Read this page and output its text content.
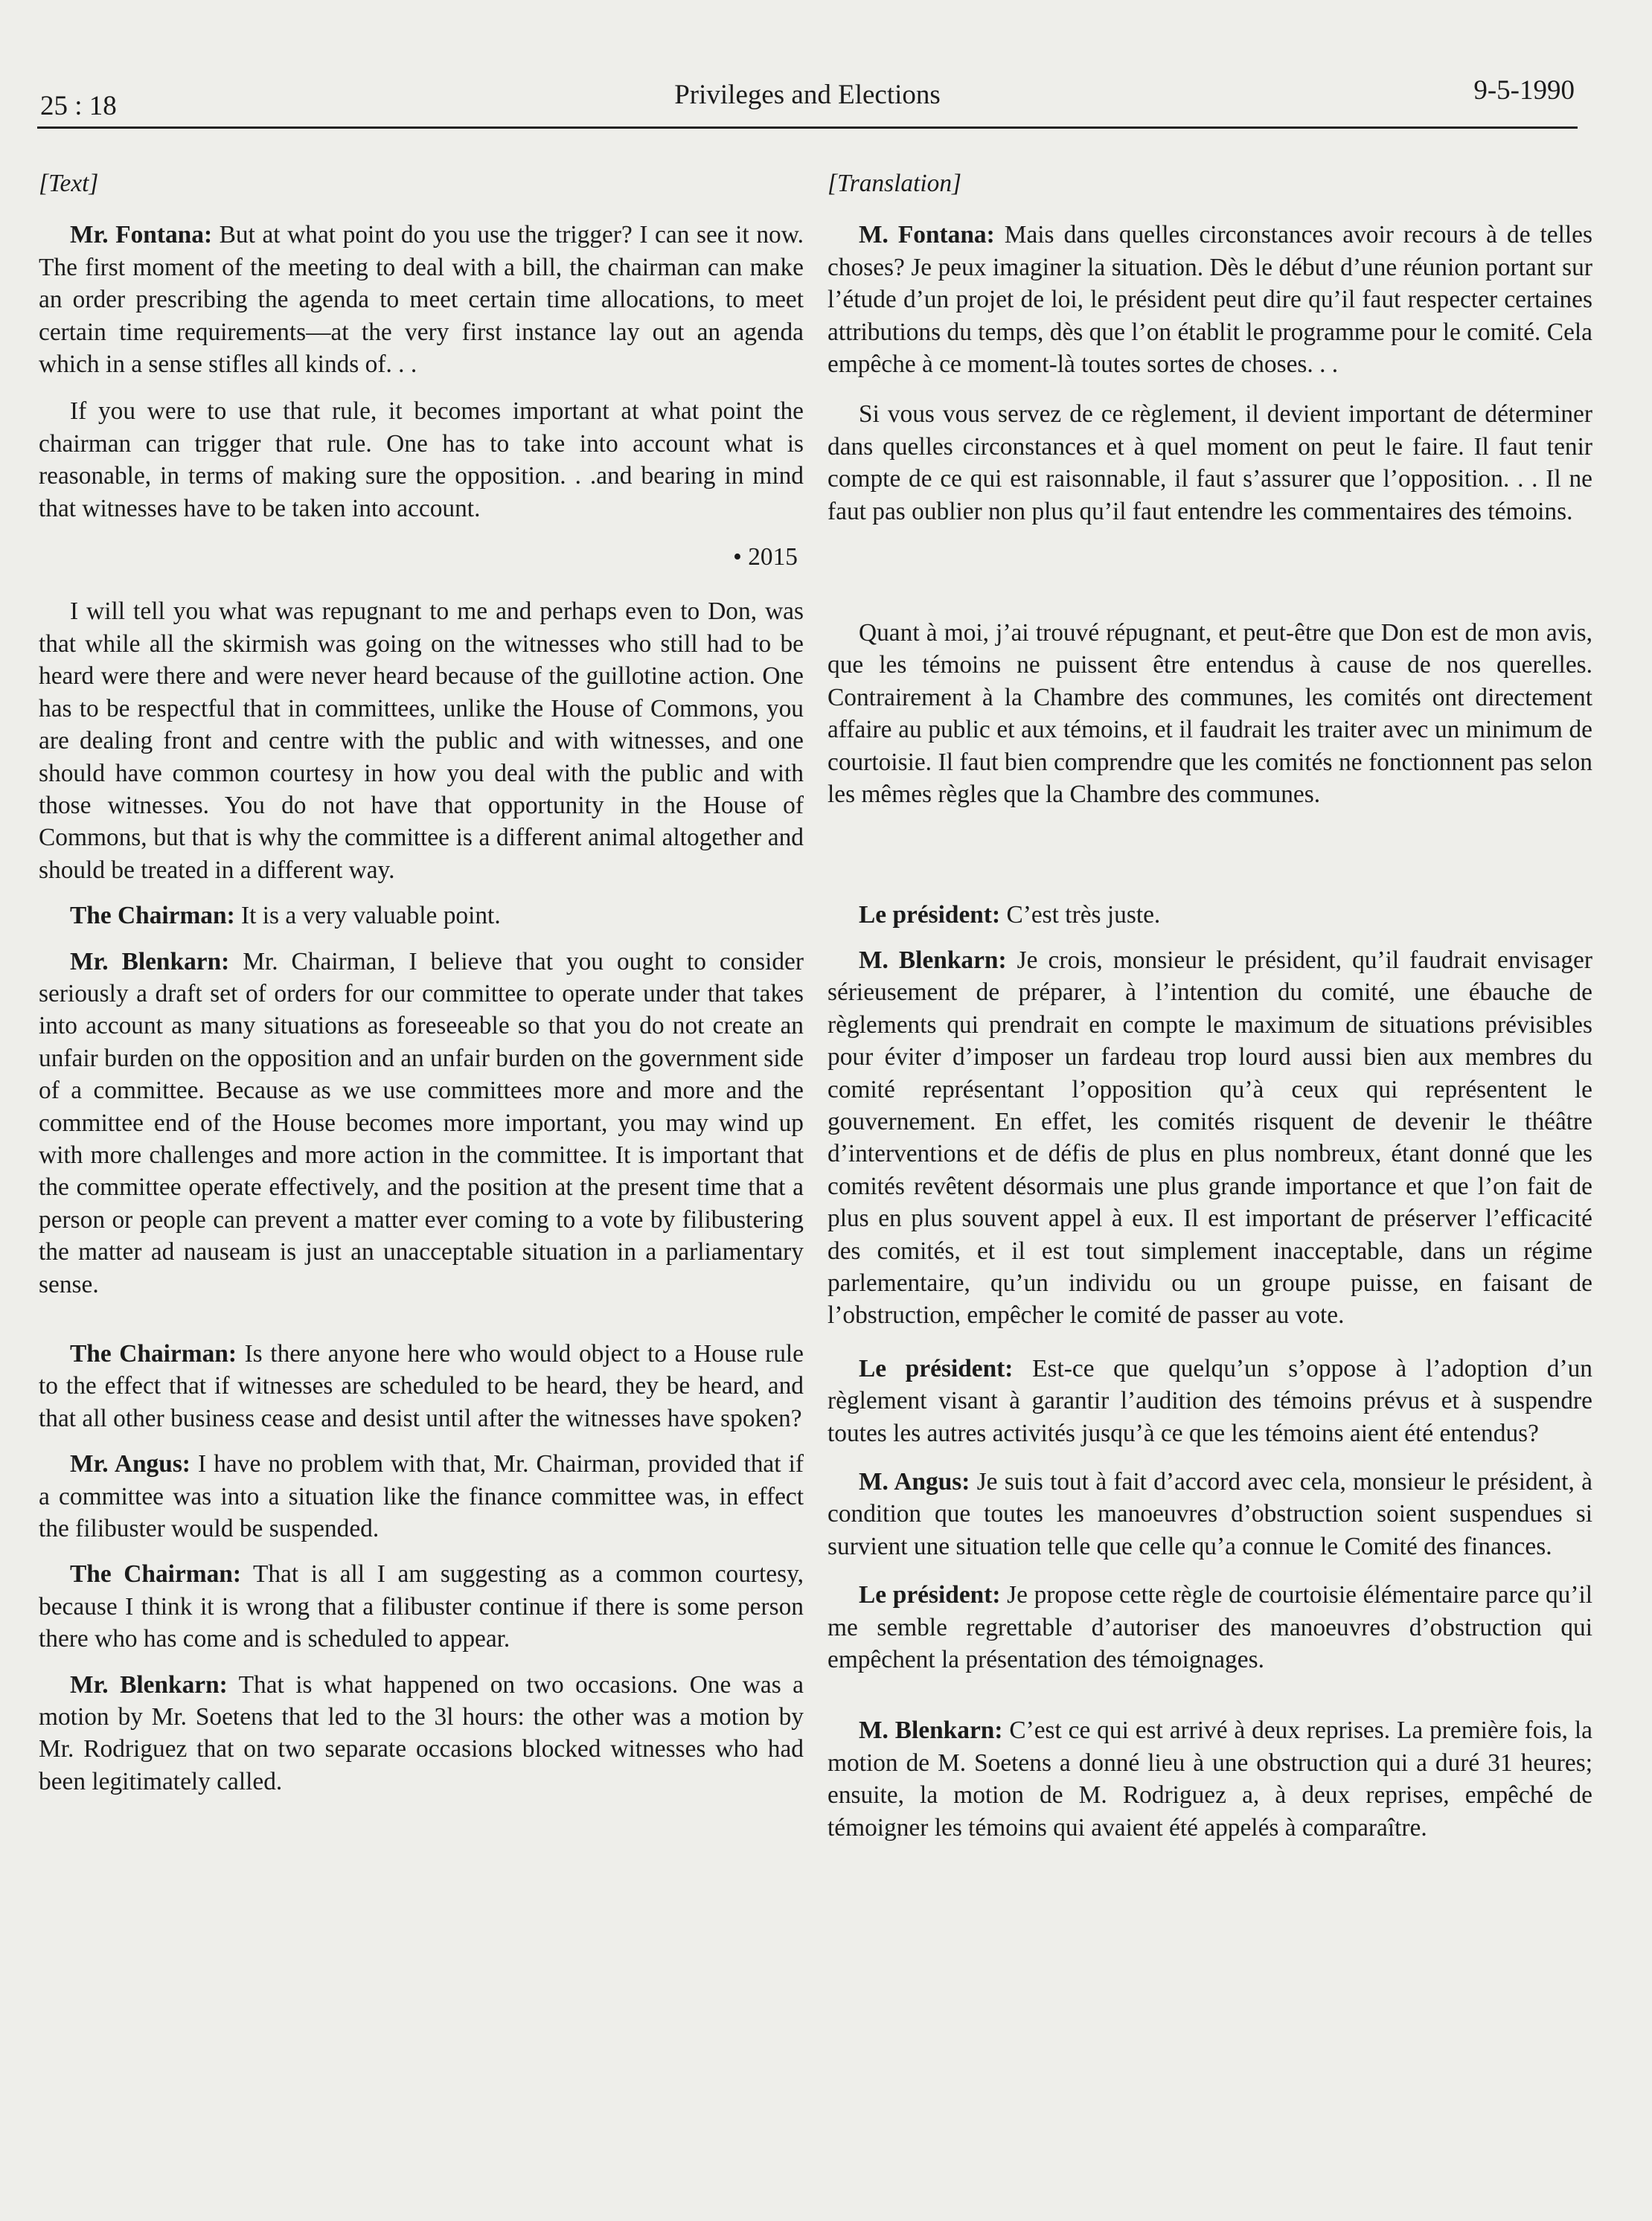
25 : 18	Privileges and Elections	9-5-1990

[Text]

Mr. Fontana: But at what point do you use the trigger? I can see it now. The first moment of the meeting to deal with a bill, the chairman can make an order prescribing the agenda to meet certain time allocations, to meet certain time requirements—at the very first instance lay out an agenda which in a sense stifles all kinds of. . .

If you were to use that rule, it becomes important at what point the chairman can trigger that rule. One has to take into account what is reasonable, in terms of making sure the opposition. . .and bearing in mind that witnesses have to be taken into account.

• 2015

I will tell you what was repugnant to me and perhaps even to Don, was that while all the skirmish was going on the witnesses who still had to be heard were there and were never heard because of the guillotine action. One has to be respectful that in committees, unlike the House of Commons, you are dealing front and centre with the public and with witnesses, and one should have common courtesy in how you deal with the public and with those witnesses. You do not have that opportunity in the House of Commons, but that is why the committee is a different animal altogether and should be treated in a different way.

The Chairman: It is a very valuable point.

Mr. Blenkarn: Mr. Chairman, I believe that you ought to consider seriously a draft set of orders for our committee to operate under that takes into account as many situations as foreseeable so that you do not create an unfair burden on the opposition and an unfair burden on the government side of a committee. Because as we use committees more and more and the committee end of the House becomes more important, you may wind up with more challenges and more action in the committee. It is important that the committee operate effectively, and the position at the present time that a person or people can prevent a matter ever coming to a vote by filibustering the matter ad nauseam is just an unacceptable situation in a parliamentary sense.

The Chairman: Is there anyone here who would object to a House rule to the effect that if witnesses are scheduled to be heard, they be heard, and that all other business cease and desist until after the witnesses have spoken?

Mr. Angus: I have no problem with that, Mr. Chairman, provided that if a committee was into a situation like the finance committee was, in effect the filibuster would be suspended.

The Chairman: That is all I am suggesting as a common courtesy, because I think it is wrong that a filibuster continue if there is some person there who has come and is scheduled to appear.

Mr. Blenkarn: That is what happened on two occasions. One was a motion by Mr. Soetens that led to the 3l hours: the other was a motion by Mr. Rodriguez that on two separate occasions blocked witnesses who had been legitimately called.

[Translation]

M. Fontana: Mais dans quelles circonstances avoir recours à de telles choses? Je peux imaginer la situation. Dès le début d’une réunion portant sur l’étude d’un projet de loi, le président peut dire qu’il faut respecter certaines attributions du temps, dès que l’on établit le programme pour le comité. Cela empêche à ce moment-là toutes sortes de choses. . .

Si vous vous servez de ce règlement, il devient important de déterminer dans quelles circonstances et à quel moment on peut le faire. Il faut tenir compte de ce qui est raisonnable, il faut s’assurer que l’opposition. . . Il ne faut pas oublier non plus qu’il faut entendre les commentaires des témoins.

Quant à moi, j’ai trouvé répugnant, et peut-être que Don est de mon avis, que les témoins ne puissent être entendus à cause de nos querelles. Contrairement à la Chambre des communes, les comités ont directement affaire au public et aux témoins, et il faudrait les traiter avec un minimum de courtoisie. Il faut bien comprendre que les comités ne fonctionnent pas selon les mêmes règles que la Chambre des communes.

Le président: C’est très juste.

M. Blenkarn: Je crois, monsieur le président, qu’il faudrait envisager sérieusement de préparer, à l’intention du comité, une ébauche de règlements qui prendrait en compte le maximum de situations prévisibles pour éviter d’imposer un fardeau trop lourd aussi bien aux membres du comité représentant l’opposition qu’à ceux qui représentent le gouvernement. En effet, les comités risquent de devenir le théâtre d’interventions et de défis de plus en plus nombreux, étant donné que les comités revêtent désormais une plus grande importance et que l’on fait de plus en plus souvent appel à eux. Il est important de préserver l’efficacité des comités, et il est tout simplement inacceptable, dans un régime parlementaire, qu’un individu ou un groupe puisse, en faisant de l’obstruction, empêcher le comité de passer au vote.

Le président: Est-ce que quelqu’un s’oppose à l’adoption d’un règlement visant à garantir l’audition des témoins prévus et à suspendre toutes les autres activités jusqu’à ce que les témoins aient été entendus?

M. Angus: Je suis tout à fait d’accord avec cela, monsieur le président, à condition que toutes les manoeuvres d’obstruction soient suspendues si survient une situation telle que celle qu’a connue le Comité des finances.

Le président: Je propose cette règle de courtoisie élémentaire parce qu’il me semble regrettable d’autoriser des manoeuvres d’obstruction qui empêchent la présentation des témoignages.

M. Blenkarn: C’est ce qui est arrivé à deux reprises. La première fois, la motion de M. Soetens a donné lieu à une obstruction qui a duré 31 heures; ensuite, la motion de M. Rodriguez a, à deux reprises, empêché de témoigner les témoins qui avaient été appelés à comparaître.
